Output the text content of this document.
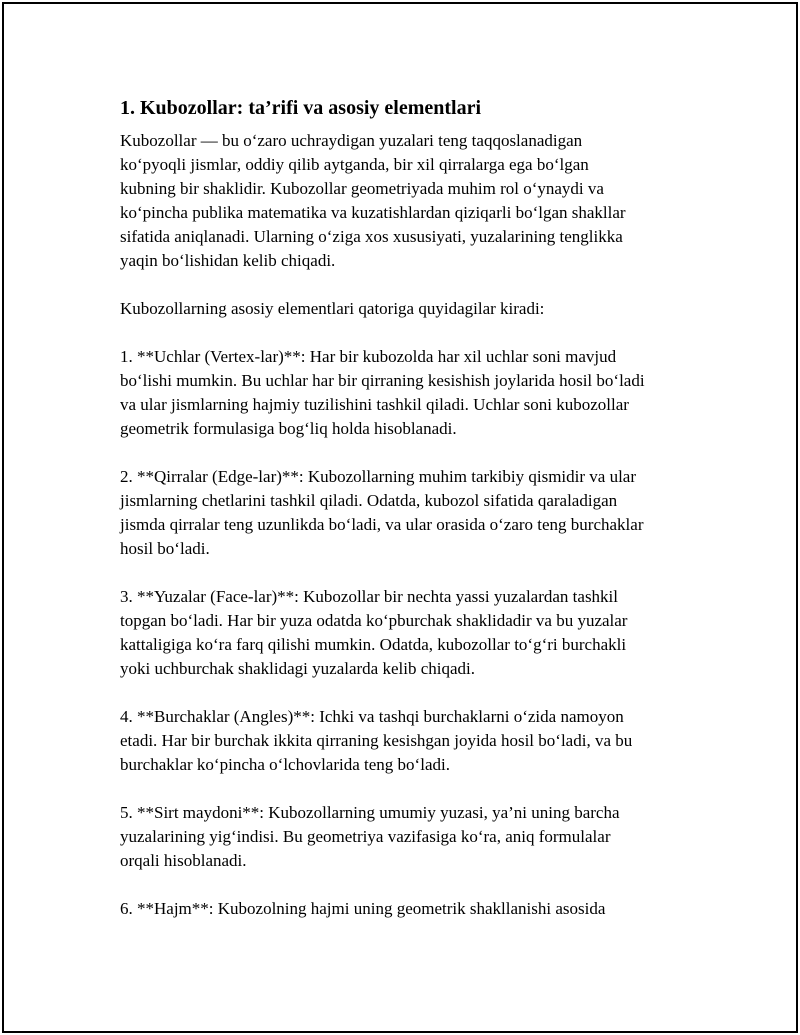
1. Kubozollar: ta’rifi va asosiy elementlari
Kubozollar — bu o‘zaro uchraydigan yuzalari teng taqqoslanadigan
ko‘pyoqli jismlar, oddiy qilib aytganda, bir xil qirralarga ega bo‘lgan
kubning bir shaklidir. Kubozollar geometriyada muhim rol o‘ynaydi va
ko‘pincha publika matematika va kuzatishlardan qiziqarli bo‘lgan shakllar
sifatida aniqlanadi. Ularning o‘ziga xos xususiyati, yuzalarining tenglikka
yaqin bo‘lishidan kelib chiqadi.
Kubozollarning asosiy elementlari qatoriga quyidagilar kiradi:
1. **Uchlar (Vertex-lar)**: Har bir kubozolda har xil uchlar soni mavjud
bo‘lishi mumkin. Bu uchlar har bir qirraning kesishish joylarida hosil bo‘ladi
va ular jismlarning hajmiy tuzilishini tashkil qiladi. Uchlar soni kubozollar
geometrik formulasiga bog‘liq holda hisoblanadi.
2. **Qirralar (Edge-lar)**: Kubozollarning muhim tarkibiy qismidir va ular
jismlarning chetlarini tashkil qiladi. Odatda, kubozol sifatida qaraladigan
jismda qirralar teng uzunlikda bo‘ladi, va ular orasida o‘zaro teng burchaklar
hosil bo‘ladi.
3. **Yuzalar (Face-lar)**: Kubozollar bir nechta yassi yuzalardan tashkil
topgan bo‘ladi. Har bir yuza odatda ko‘pburchak shaklidadir va bu yuzalar
kattaligiga ko‘ra farq qilishi mumkin. Odatda, kubozollar to‘g‘ri burchakli
yoki uchburchak shaklidagi yuzalarda kelib chiqadi.
4. **Burchaklar (Angles)**: Ichki va tashqi burchaklarni o‘zida namoyon
etadi. Har bir burchak ikkita qirraning kesishgan joyida hosil bo‘ladi, va bu
burchaklar ko‘pincha o‘lchovlarida teng bo‘ladi.
5. **Sirt maydoni**: Kubozollarning umumiy yuzasi, ya’ni uning barcha
yuzalarining yig‘indisi. Bu geometriya vazifasiga ko‘ra, aniq formulalar
orqali hisoblanadi.
6. **Hajm**: Kubozolning hajmi uning geometrik shakllanishi asosida
